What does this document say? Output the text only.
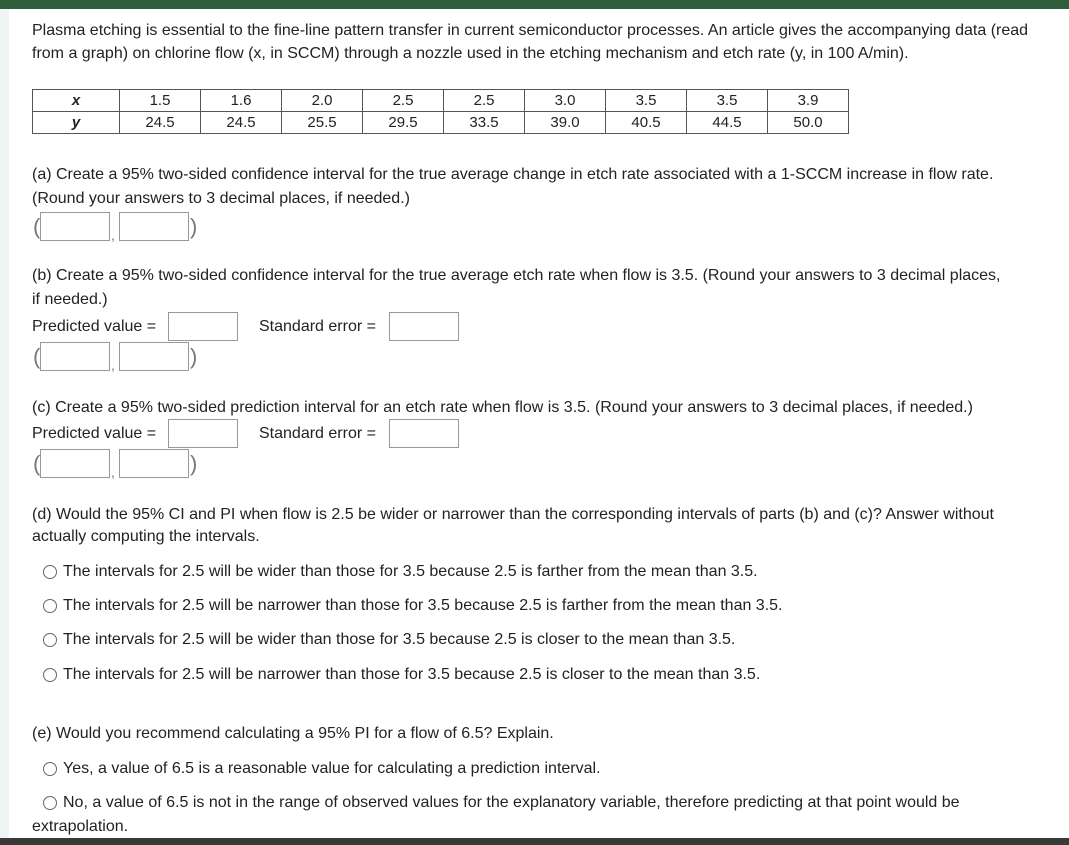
Plasma etching is essential to the fine-line pattern transfer in current semiconductor processes. An article gives the accompanying data (read from a graph) on chlorine flow (x, in SCCM) through a nozzle used in the etching mechanism and etch rate (y, in 100 A/min).
x	1.5	1.6	2.0	2.5	2.5	3.0	3.5	3.5	3.9
y	24.5	24.5	25.5	29.5	33.5	39.0	40.5	44.5	50.0
(a) Create a 95% two-sided confidence interval for the true average change in etch rate associated with a 1-SCCM increase in flow rate.
(Round your answers to 3 decimal places, if needed.)
(	,	)
(b) Create a 95% two-sided confidence interval for the true average etch rate when flow is 3.5. (Round your answers to 3 decimal places,
if needed.)
Predicted value =	Standard error =
(	,	)
(c) Create a 95% two-sided prediction interval for an etch rate when flow is 3.5. (Round your answers to 3 decimal places, if needed.)
Predicted value =	Standard error =
(	,	)
(d) Would the 95% CI and PI when flow is 2.5 be wider or narrower than the corresponding intervals of parts (b) and (c)? Answer without
actually computing the intervals.
The intervals for 2.5 will be wider than those for 3.5 because 2.5 is farther from the mean than 3.5.
The intervals for 2.5 will be narrower than those for 3.5 because 2.5 is farther from the mean than 3.5.
The intervals for 2.5 will be wider than those for 3.5 because 2.5 is closer to the mean than 3.5.
The intervals for 2.5 will be narrower than those for 3.5 because 2.5 is closer to the mean than 3.5.
(e) Would you recommend calculating a 95% PI for a flow of 6.5? Explain.
Yes, a value of 6.5 is a reasonable value for calculating a prediction interval.
No, a value of 6.5 is not in the range of observed values for the explanatory variable, therefore predicting at that point would be
extrapolation.
